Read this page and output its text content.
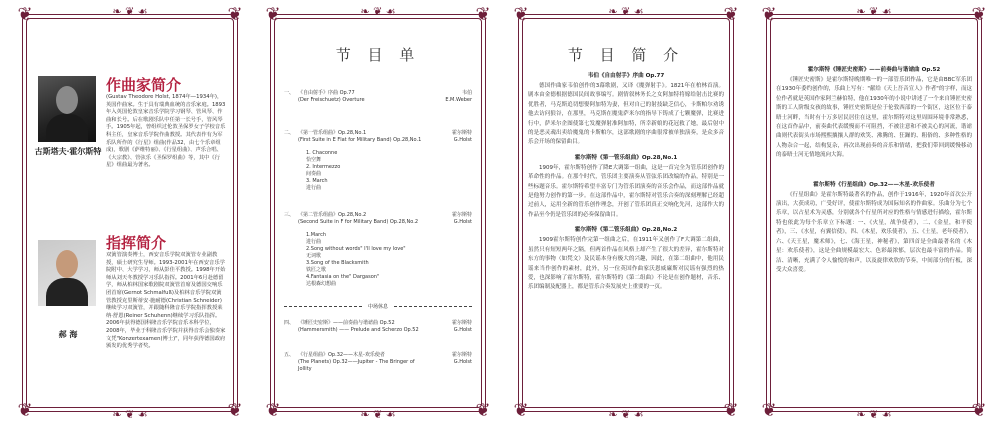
❦	❦
❦	❦
❧ ❦ ☙
❧ ❦ ☙
古斯塔夫·霍尔斯特
作曲家简介
(Gustav Theodore Holst, 1874年—1934年)，英国作曲家。生于具有瑞典血统的音乐家庭。1893年入英国伦敦皇家音乐学院学习钢琴、管风琴、作曲和长号。后在歌剧乐队中任第一长号手，管风琴手。1905年起，曾组织过伦敦圣保罗女子学校音乐科主任，皇家音乐学院作曲教授。其代表作有为军乐队所作的《行星》组曲(作品32，由七个乐章组成)，歌剧《萨维特丽》、《行星组曲》、声乐合唱、《大宗教》、管弦乐《圣保罗组曲》等，其中《行星》组曲最为著名。
郝 海
指挥简介
双簧管演奏博士，西安音乐学院双簧管专业副教授，硕士研究生导师。1993-2001年在西安音乐学院附中、大学学习，师从彭佳平教授。1998年开始师从刘天冬教授学习乐队指挥。2001年6月赴德留学，师从柏林国家歌剧院双簧管首席及德国交响乐团首席(Gernot Schmalfuß)及柏林音乐学院双簧管教授克里斯蒂安·施耐德(Christian Schneider)继续学习双簧管，并跟随科隆音乐学院指挥教授莱纳·舒恩(Reiner Schuhenn)继续学习乐队指挥。2006年获得德国科隆音乐学院音乐本科学位，2008年，毕业于科隆音乐学院并获得音乐会独奏家文凭"Konzertexamen(博士)"，同年获得德国政府颁发的优秀学者奖。
❦	❦
❦	❦
❧ ❦ ☙
❧ ❦ ☙
节 目 单
一、 《自由射手》序曲 Op.77	韦伯
(Der Freischuetz) Overture	E.M.Weber
二、 《第一管乐组曲》Op.28,No.1	霍尔斯特
(First Suite in E Flat for Military Band) Op.28,No.1	G.Holst
1. Chaconne
恰空舞
2. Intermezzo
间奏曲
3. March
进行曲
三、 《第二管乐组曲》Op.28,No.2	霍尔斯特
(Second Suite in F for Military Band) Op.28,No.2	G.Holst
1.March
进行曲
2.Song without words" I'll love my love"
无词歌
3.Song of the Blacksmith
铁匠之歌
4.Fantasia on the" Dargason"
达根森幻想曲
中场休息
四、 《锤匠史密斯》——前奏曲与谐谑曲 Op.52	霍尔斯特
(Hammersmith) —— Prelude and Scherzo Op.52	G.Holst
五、 《行星组曲》Op.32——木星-欢乐使者	霍尔斯特
(The Planets) Op.32——Jupiter - The Bringer of Jollity
G.Holst
❦	❦
❦	❦
❧ ❦ ☙
❧ ❦ ☙
节 目 简 介
韦伯《自由射手》序曲 Op.77
德国作曲家韦伯创作的3幕歌剧，又译《魔弹射手》。1821年在柏林首演。剧本由金德根据德国民间故事编写。剧情叙林务长之女阿加特将嫁给射击比赛的优胜者，马克斯追切想娶阿加特为妻，但对自己的射技缺乏信心，卡斯帕尔劝诱他去访问狼谷，在那里，马克斯在魔鬼萨米尔的指导下铸成了七颗魔弹，比赛进行中，萨米尔企图使第七发魔弹射准阿加特，所幸新娘的花冠救了她，最后射中的是恶灵魂出卖给魔鬼的卡斯帕尔，这部歌剧的序曲很常被单独演奏，是众多音乐会开场的保留曲目。
霍尔斯特《第一管乐组曲》Op.28,No.1
1909年，霍尔斯特创作了降E大调第一组曲，这是一首完全为管乐团创作的革命性的作品。在那个时代，管乐团主要演奏从管弦乐团改编的作品，特别是一些标题音乐。霍尔斯特希望丰富专门为管乐团演奏的音乐会作品，而这部作品就是他努力创作的第一步。在这部作品中，霍尔斯特对管乐合奏的深刻理解已经超过前人，运用全新的管乐创作理念，开创了管乐团真正交响化先河，这部作大的作品至今仍是管乐团的必奏保留曲目。
霍尔斯特《第二管乐组曲》Op.28,No.2
1909霍尔斯特创作完第一组曲之后，在1911年又创作了F大调第二组曲，虽然只有短短两年之隔，但两首作品在风格上却产生了很大的差异，霍尔斯特对东方的事物（如梵文）及民谣本身有极大的兴趣，因此，在第二组曲中，他用民谣来当作创作的素材，此外，另一位英国作曲家沃恩威廉斯对民谣有强烈的热爱，也深影响了霍尔斯特，霍尔斯特的《第二组曲》不论是在创作题材，音乐、乐团编制及配器上，都是管乐合奏发展史上重要的一页。
❦	❦
❦	❦
❧ ❦ ☙
❧ ❦ ☙
霍尔斯特《锤匠史密斯》——前奏曲与谐谑曲 Op.52
《锤匠史密斯》是霍尔斯特晚期唯一的一部管乐团作品，它是由BBC军乐团在1930年委约创作的，乐曲上写有："献给《天上吾音宣人》作者"的字样，而这位作者就是英国作家阿兰赫伯特，他在1930年的小说中讲述了一个来自锤匠史密斯的工人阶级女孩的故事，锤匠史密斯是位于伦敦西部的一个街区，这区位于泰晤士河畔，当时有十万多居民居住在这里，霍尔斯特对这里周围环境非常熟悉，在这首作品中，前奏曲代表缓慢而不可阻挡，不被注意和不被关心的河流，谐谑曲则代表街头市场熙熙攘攘人群的欢笑、沸腾的、狂躁的、粗俗的、多种性格的人物杂合一起，结构复杂，再次出现前奏的音乐和情绪，把我们带回到缓慢移动的泰晤士河无情地流向大海。
霍尔斯特《行星组曲》Op.32——木星-欢乐使者
《行星组曲》是霍尔斯特最著名的作品，创作于1916年，1920年首次公开演出，大获成功，广受好评，使霍尔斯特成为国际知名的作曲家。乐曲分为七个乐章，以占星术为灵感，分别就各个行星所对应的性格与情感进行描绘，霍尔斯特也依此为每个乐章立下标题：一、《火星，战争使者》，二、《金星，和平使者》，三、《水星，有翼信使》，四、《木星，欢乐使者》，五、《土星，老年使者》，六、《天王星，魔术师》，七、《海王星，神秘者》，第四首是全曲最著名的《木星：欢乐使者》，这是全曲规模最宏大、色彩最浓郁，层次也最丰富的作品。简洁、清晰，充满了令人愉悦的和声，以及旋律欢欣的节奏，中间部分的行板，深受大众喜爱。
